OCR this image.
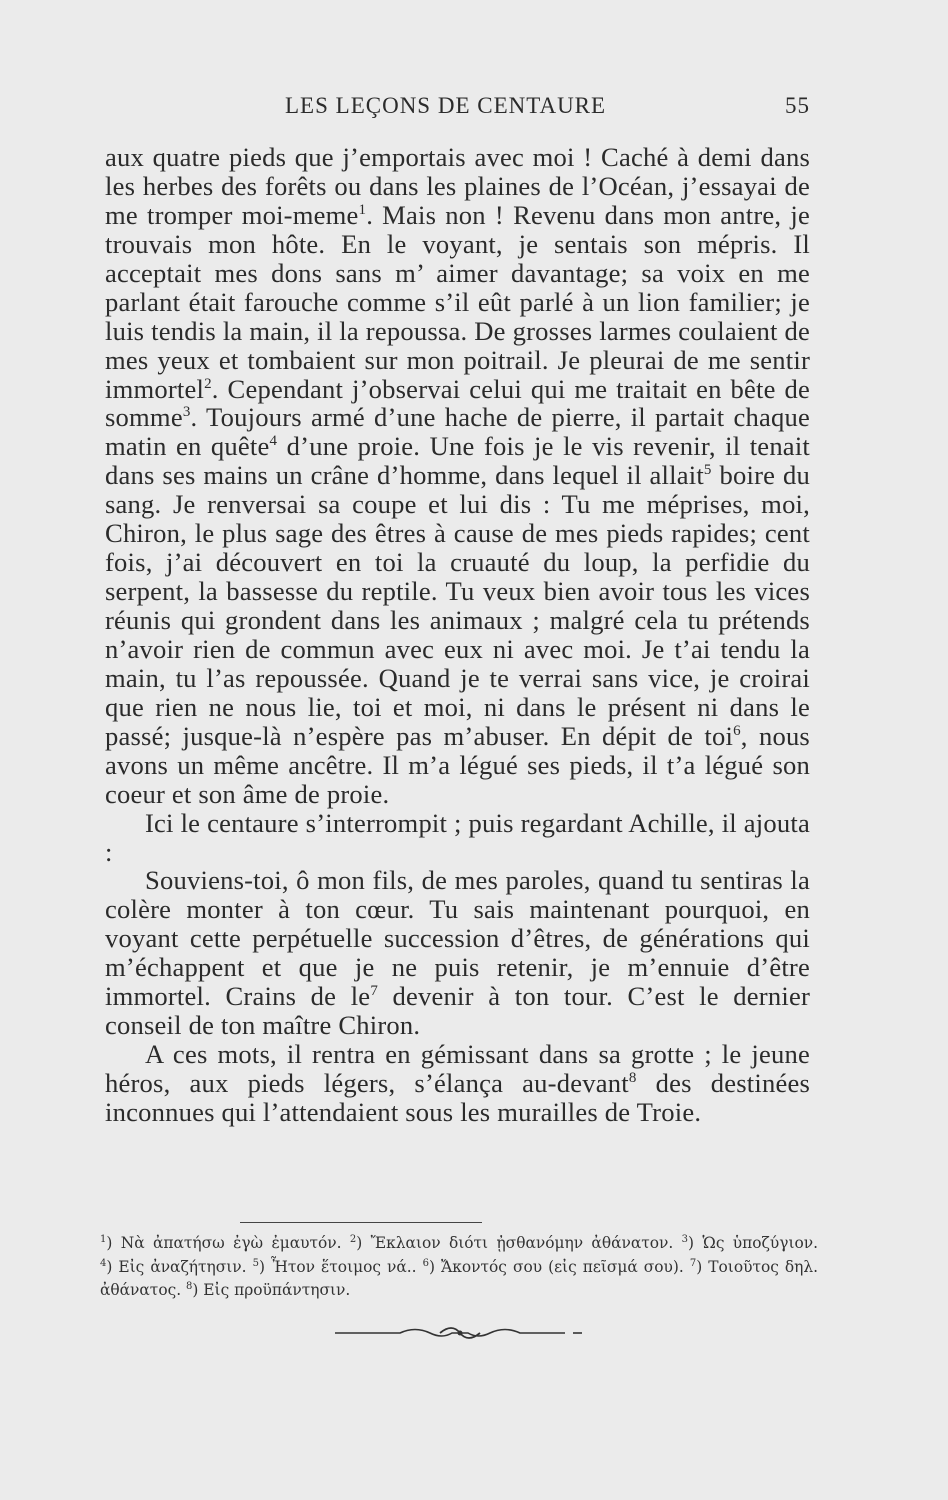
LES LEÇONS DE CENTAURE	55

aux quatre pieds que j’emportais avec moi ! Caché à demi dans les herbes des forêts ou dans les plaines de l’Océan, j’essayai de me tromper moi-meme$^1$. Mais non ! Revenu dans mon antre, je trouvais mon hôte. En le voyant, je sentais son mépris. Il acceptait mes dons sans m’ aimer davantage; sa voix en me parlant était farouche comme s’il eût parlé à un lion familier; je luis tendis la main, il la repoussa. De grosses larmes coulaient de mes yeux et tombaient sur mon poitrail. Je pleurai de me sentir immortel$^2$. Cependant j’observai celui qui me traitait en bête de somme$^3$. Toujours armé d’une hache de pierre, il partait chaque matin en quête$^4$ d’une proie. Une fois je le vis revenir, il tenait dans ses mains un crâne d’homme, dans lequel il allait$^5$ boire du sang. Je renversai sa coupe et lui dis : Tu me méprises, moi, Chiron, le plus sage des êtres à cause de mes pieds rapides; cent fois, j’ai découvert en toi la cruauté du loup, la perfidie du serpent, la bassesse du reptile. Tu veux bien avoir tous les vices réunis qui grondent dans les animaux ; malgré cela tu prétends n’avoir rien de commun avec eux ni avec moi. Je t’ai tendu la main, tu l’as repoussée. Quand je te verrai sans vice, je croirai que rien ne nous lie, toi et moi, ni dans le présent ni dans le passé; jusque-là n’espère pas m’abuser. En dépit de toi$^6$, nous avons un même ancêtre. Il m’a légué ses pieds, il t’a légué son coeur et son âme de proie.

Ici le centaure s’interrompit ; puis regardant Achille, il ajouta :

Souviens-toi, ô mon fils, de mes paroles, quand tu sentiras la colère monter à ton cœur. Tu sais maintenant pourquoi, en voyant cette perpétuelle succession d’êtres, de générations qui m’échappent et que je ne puis retenir, je m’ennuie d’être immortel. Crains de $le^7$ devenir à ton tour. C’est le dernier conseil de ton maître Chiron.

A ces mots, il rentra en gémissant dans sa grotte ; le jeune héros, aux pieds légers, s’élança au-devant$^8$ des destinées inconnues qui l’attendaient sous les murailles de Troie.

$^1$) Νὰ ἀπατήσω ἐγὼ ἐμαυτόν. $^2$) Ἔκλαιον διότι ᾐσθανόμην ἀθάνατον. $^3$) Ὡς ὑποζύγιον. $^4$) Εἰς ἀναζήτησιν. $^5$) Ἦτον ἕτοιμος νά.. $^6$) Ἄκοντός σου (εἰς πεῖσμά σου). $^7$) Τοιοῦτος δηλ. ἀθάνατος. $^8$) Εἰς προϋπάντησιν.
